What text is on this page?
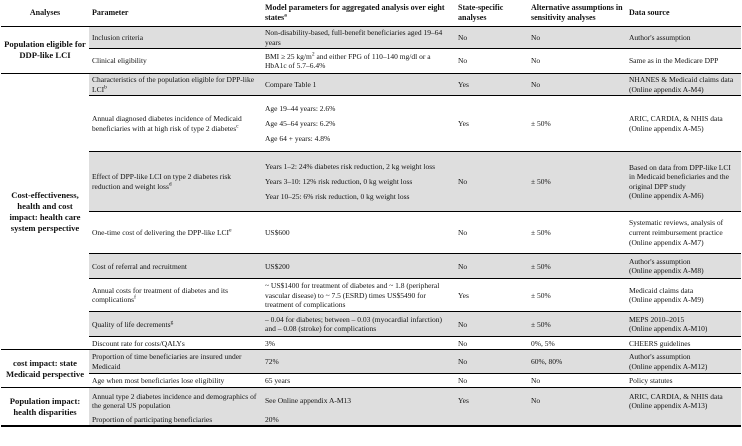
Analyses	Parameter	Model parameters for aggregated analysis over eight states$^a$	State-specific analyses	Alternative assumptions in sensitivity analyses	Data source
Population eligible for DDP-like LCI	Inclusion criteria	Non-disability-based, full-benefit beneficiaries aged 19–64 years	No	No	Author's assumption
	Clinical eligibility	BMI ≥ 25 $kg/m^2$ and either FPG of 110–140 mg/dl or a HbA1c of 5.7–6.4%	No	No	Same as in the Medicare DPP
Cost-effectiveness, health and cost impact: health care system perspective	Characteristics of the population eligible for DPP-like LCI$^b$	Compare Table 1	Yes	No	NHANES & Medicaid claims data (Online appendix A-M4)
	Annual diagnosed diabetes incidence of Medicaid beneficiaries with at high risk of type 2 diabetes$^c$	Age 19–44 years: 2.6%
Age 45–64 years: 6.2%
Age 64 + years: 4.8%	Yes	± 50%	ARIC, CARDIA, & NHIS data
(Online appendix A-M5)

	Effect of DPP-like LCI on type 2 diabetes risk reduction and weight loss$^d$	Years 1–2: 24% diabetes risk reduction, 2 kg weight loss
Years 3–10: 12% risk reduction, 0 kg weight loss
Year 10–25: 6% risk reduction, 0 kg weight loss	No	± 50%	Based on data from DPP-like LCI in Medicaid beneficiaries and the original DPP study
(Online appendix A-M6)

	One-time cost of delivering the DPP-like LCIe	US$600	No	± 50%	Systematic reviews, analysis of current reimbursement practice (Online appendix A-M7)
	Cost of referral and recruitment	US$200	No	± 50%	Author's assumption
(Online appendix A-M8)

	Annual costs for treatment of diabetes and its complications$^f$	~ US$1400 for treatment of diabetes and ~ 1.8 (peripheral vascular disease) to ~ 7.5 (ESRD) times US$5490 for treatment of complications	Yes	± 50%	Medicaid claims data
(Online appendix A-M9)

	Quality of life decrements$^g$	– 0.04 for diabetes; between – 0.03 (myocardial infarction) and – 0.08 (stroke) for complications	No	± 50%	MEPS 2010–2015
(Online appendix A-M10)

	Discount rate for costs/QALYs	3%	No	0%, 5%	CHEERS guidelines
cost impact: state Medicaid perspective	Proportion of time beneficiaries are insured under Medicaid	72%	No	60%, 80%	Author's assumption
(Online appendix A-M12)

	Age when most beneficiaries lose eligibility	65 years	No	No	Policy statutes
Population impact: health disparities	Annual type 2 diabetes incidence and demographics of the general US population	See Online appendix A-M13	Yes	No	ARIC, CARDIA, & NHIS data
(Online appendix A-M13)

	Proportion of participating beneficiaries	20%			
